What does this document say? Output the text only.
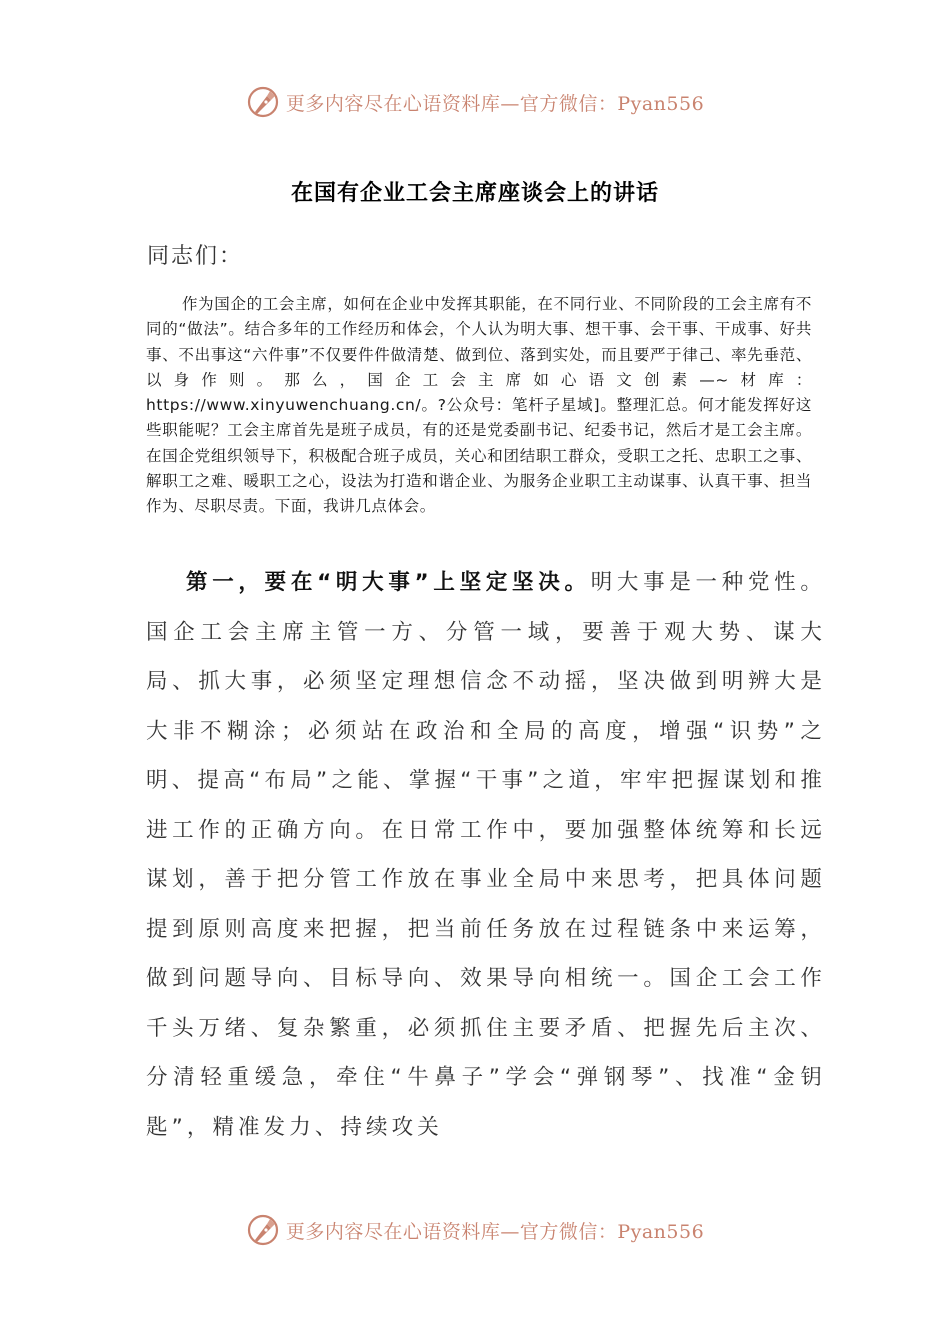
更多内容尽在心语资料库—官方微信：Pyan556
在国有企业工会主席座谈会上的讲话
同志们：

作为国企的工会主席，如何在企业中发挥其职能，在不同行业、不同阶段的工会主席有不同的“做法”。结合多年的工作经历和体会，个人认为明大事、想干事、会干事、干成事、好共事、不出事这“六件事”不仅要件件做清楚、做到位、落到实处，而且要严于律己、率先垂范、以身作则。那么，国企工会主席如心语文创素—~材库：https://www.xinyuwenchuang.cn/。?公众号：笔杆子星域]。整理汇总。何才能发挥好这些职能呢？工会主席首先是班子成员，有的还是党委副书记、纪委书记，然后才是工会主席。在国企党组织领导下，积极配合班子成员，关心和团结职工群众，受职工之托、忠职工之事、解职工之难、暖职工之心，设法为打造和谐企业、为服务企业职工主动谋事、认真干事、担当作为、尽职尽责。下面，我讲几点体会。

第一，要在“明大事”上坚定坚决。明大事是一种党性。国企工会主席主管一方、分管一域，要善于观大势、谋大局、抓大事，必须坚定理想信念不动摇，坚决做到明辨大是大非不糊涂；必须站在政治和全局的高度，增强“识势”之明、提高“布局”之能、掌握“干事”之道，牢牢把握谋划和推进工作的正确方向。在日常工作中，要加强整体统筹和长远谋划，善于把分管工作放在事业全局中来思考，把具体问题提到原则高度来把握，把当前任务放在过程链条中来运筹，做到问题导向、目标导向、效果导向相统一。国企工会工作千头万绪、复杂繁重，必须抓住主要矛盾、把握先后主次、分清轻重缓急，牵住“牛鼻子”学会“弹钢琴”、找准“金钥匙”，精准发力、持续攻关

更多内容尽在心语资料库—官方微信：Pyan556
